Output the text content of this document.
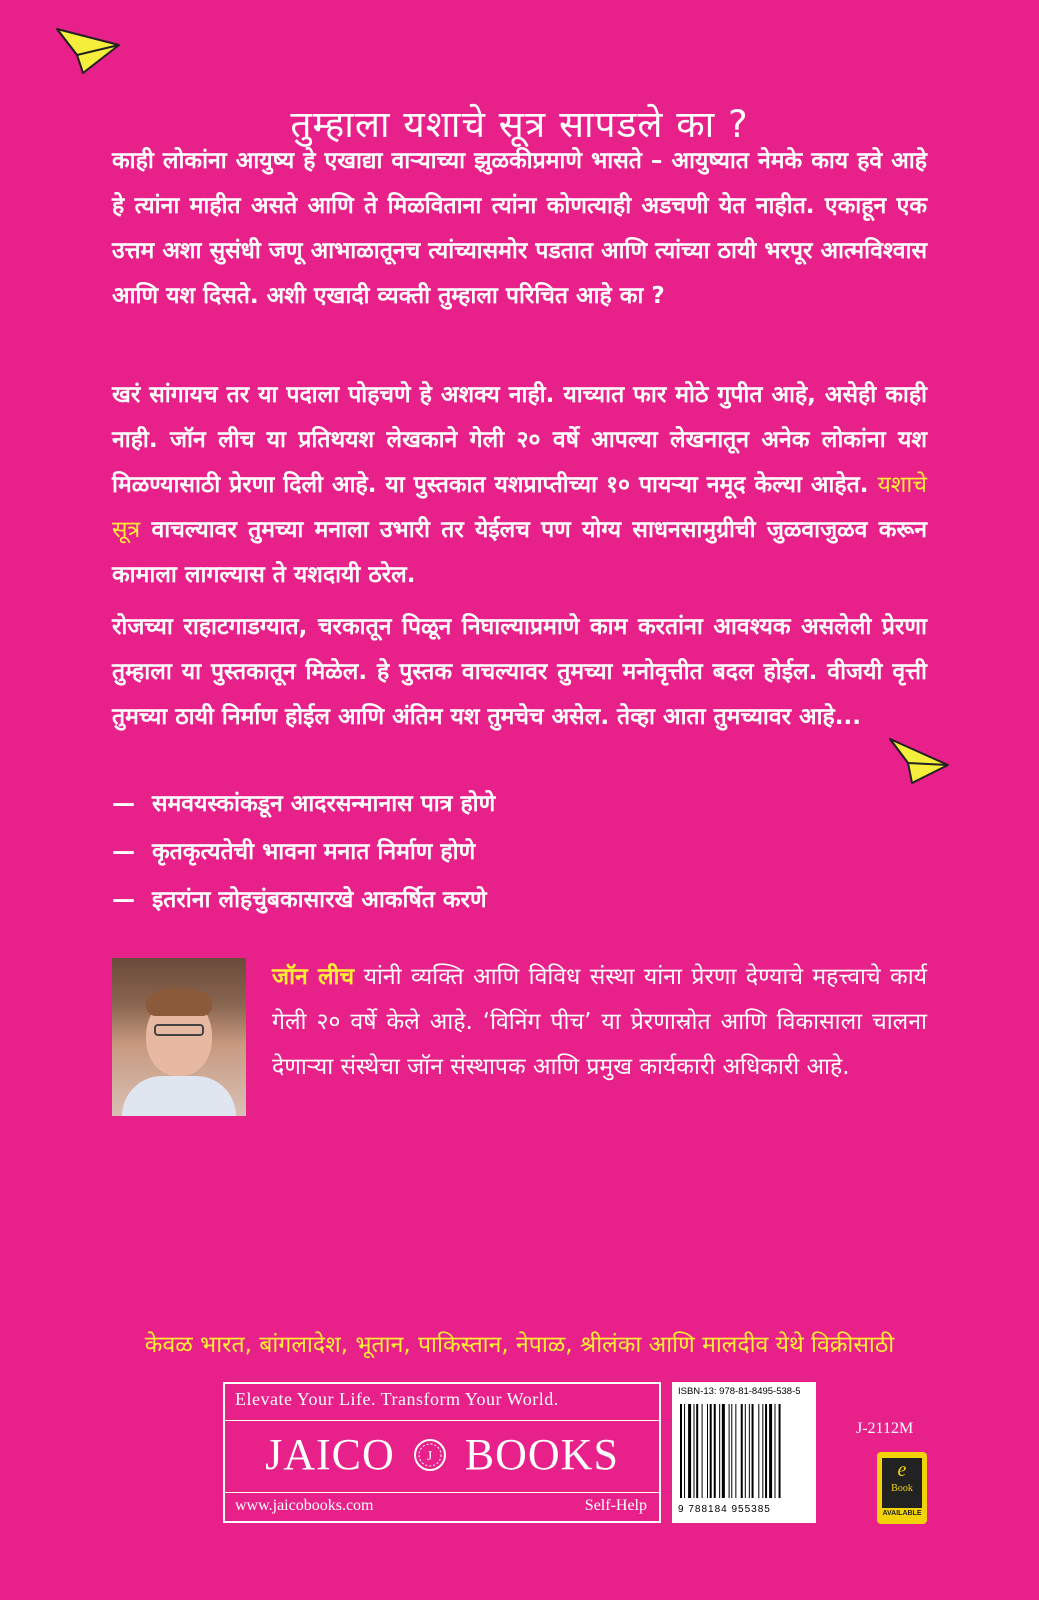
तुम्हाला यशाचे सूत्र सापडले का ?

काही लोकांना आयुष्य हे एखाद्या वाऱ्याच्या झुळकीप्रमाणे भासते – आयुष्यात नेमके काय हवे आहे हे त्यांना माहीत असते आणि ते मिळविताना त्यांना कोणत्याही अडचणी येत नाहीत. एकाहून एक उत्तम अशा सुसंधी जणू आभाळातूनच त्यांच्यासमोर पडतात आणि त्यांच्या ठायी भरपूर आत्मविश्वास आणि यश दिसते. अशी एखादी व्यक्ती तुम्हाला परिचित आहे का ?

खरं सांगायच तर या पदाला पोहचणे हे अशक्य नाही. याच्यात फार मोठे गुपीत आहे, असेही काही नाही. जॉन लीच या प्रतिथयश लेखकाने गेली २० वर्षे आपल्या लेखनातून अनेक लोकांना यश मिळण्यासाठी प्रेरणा दिली आहे. या पुस्तकात यशप्राप्तीच्या १० पायऱ्या नमूद केल्या आहेत. यशाचे सूत्र वाचल्यावर तुमच्या मनाला उभारी तर येईलच पण योग्य साधनसामुग्रीची जुळवाजुळव करून कामाला लागल्यास ते यशदायी ठरेल.

रोजच्या राहाटगाडग्यात, चरकातून पिळून निघाल्याप्रमाणे काम करतांना आवश्यक असलेली प्रेरणा तुम्हाला या पुस्तकातून मिळेल. हे पुस्तक वाचल्यावर तुमच्या मनोवृत्तीत बदल होईल. वीजयी वृत्ती तुमच्या ठायी निर्माण होईल आणि अंतिम यश तुमचेच असेल. तेव्हा आता तुमच्यावर आहे...

— समवयस्कांकडून आदरसन्मानास पात्र होणे
— कृतकृत्यतेची भावना मनात निर्माण होणे
— इतरांना लोहचुंबकासारखे आकर्षित करणे

जॉन लीच यांनी व्यक्ति आणि विविध संस्था यांना प्रेरणा देण्याचे महत्त्वाचे कार्य गेली २० वर्षे केले आहे. ‘विनिंग पीच’ या प्रेरणास्रोत आणि विकासाला चालना देणाऱ्या संस्थेचा जॉन संस्थापक आणि प्रमुख कार्यकारी अधिकारी आहे.

केवळ भारत, बांगलादेश, भूतान, पाकिस्तान, नेपाळ, श्रीलंका आणि मालदीव येथे विक्रीसाठी
Elevate Your Life. Transform Your World.
JAICO J BOOKS
www.jaicobooks.com	Self-Help
ISBN-13: 978-81-8495-538-5
9 788184 955385
J-2112M
e
Book
AVAILABLE
